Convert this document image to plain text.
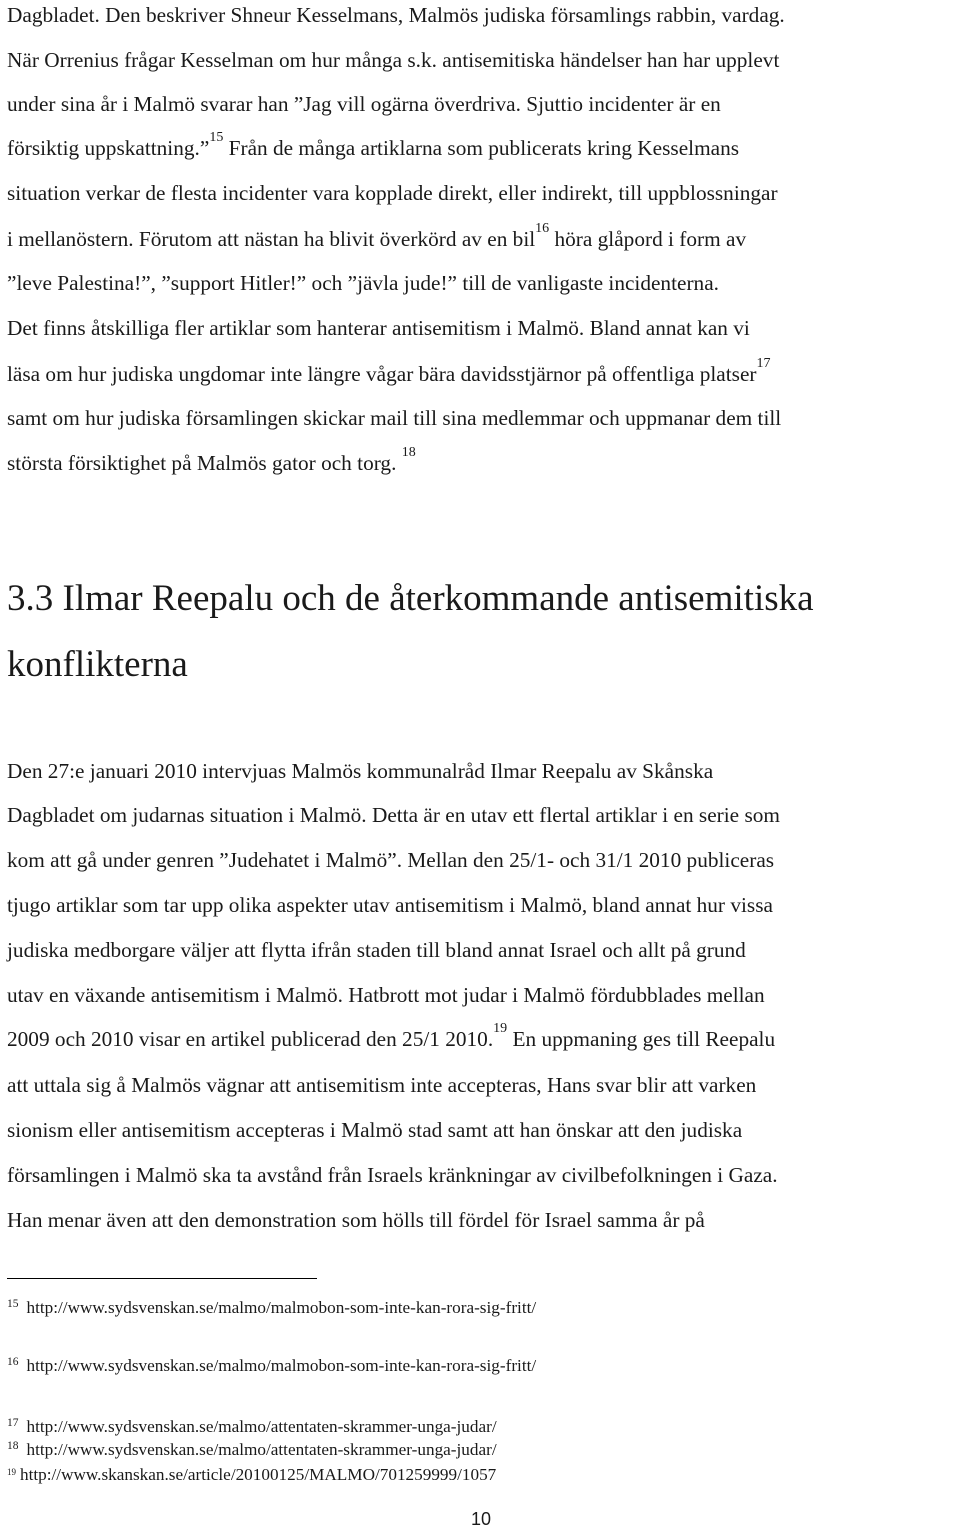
Dagbladet. Den beskriver Shneur Kesselmans, Malmös judiska församlings rabbin, vardag.
När Orrenius frågar Kesselman om hur många s.k. antisemitiska händelser han har upplevt
under sina år i Malmö svarar han ”Jag vill ogärna överdriva. Sjuttio incidenter är en
försiktig uppskattning.”$^{15}$ Från de många artiklarna som publicerats kring Kesselmans
situation verkar de flesta incidenter vara kopplade direkt, eller indirekt, till uppblossningar
i mellanöstern. Förutom att nästan ha blivit överkörd av en bil$^{16}$ höra glåpord i form av
”leve Palestina!”, ”support Hitler!” och ”jävla jude!” till de vanligaste incidenterna.
Det finns åtskilliga fler artiklar som hanterar antisemitism i Malmö. Bland annat kan vi
läsa om hur judiska ungdomar inte längre vågar bära davidsstjärnor på offentliga platser$^{17}$
samt om hur judiska församlingen skickar mail till sina medlemmar och uppmanar dem till
största försiktighet på Malmös gator och torg. $^{18}$
3.3 Ilmar Reepalu och de återkommande antisemitiska
konflikterna
Den 27:e januari 2010 intervjuas Malmös kommunalråd Ilmar Reepalu av Skånska
Dagbladet om judarnas situation i Malmö. Detta är en utav ett flertal artiklar i en serie som
kom att gå under genren ”Judehatet i Malmö”. Mellan den 25/1- och 31/1 2010 publiceras
tjugo artiklar som tar upp olika aspekter utav antisemitism i Malmö, bland annat hur vissa
judiska medborgare väljer att flytta ifrån staden till bland annat Israel och allt på grund
utav en växande antisemitism i Malmö. Hatbrott mot judar i Malmö fördubblades mellan
2009 och 2010 visar en artikel publicerad den 25/1 2010.19 En uppmaning ges till Reepalu
att uttala sig å Malmös vägnar att antisemitism inte accepteras, Hans svar blir att varken
sionism eller antisemitism accepteras i Malmö stad samt att han önskar att den judiska
församlingen i Malmö ska ta avstånd från Israels kränkningar av civilbefolkningen i Gaza.
Han menar även att den demonstration som hölls till fördel för Israel samma år på
$^{15}$ http://www.sydsvenskan.se/malmo/malmobon-som-inte-kan-rora-sig-fritt/
$^{16}$ http://www.sydsvenskan.se/malmo/malmobon-som-inte-kan-rora-sig-fritt/
$^{17}$ http://www.sydsvenskan.se/malmo/attentaten-skrammer-unga-judar/
$^{18}$ http://www.sydsvenskan.se/malmo/attentaten-skrammer-unga-judar/
$^{19}$ http://www.skanskan.se/article/20100125/MALMO/701259999/1057
10
